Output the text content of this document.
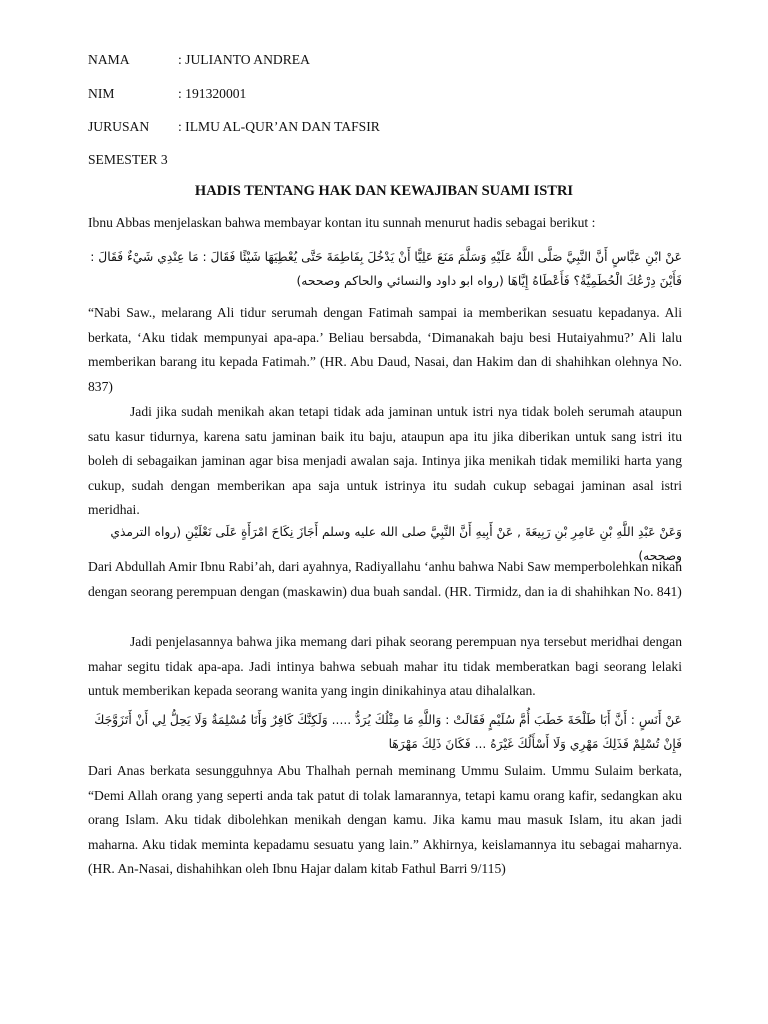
NAMA	: JULIANTO ANDREA
NIM	: 191320001
JURUSAN : ILMU AL-QUR’AN DAN TAFSIR
SEMESTER 3
HADIS TENTANG HAK DAN KEWAJIBAN SUAMI ISTRI
Ibnu Abbas menjelaskan bahwa membayar kontan itu sunnah menurut hadis sebagai berikut :
عَنْ ابْنِ عَبَّاسٍ أَنَّ النَّبِيَّ صَلَّى اللَّهُ عَلَيْهِ وَسَلَّمَ مَنَعَ عَلِيًّا أَنْ يَدْخُلَ بِفَاطِمَةَ حَتَّى يُعْطِيَهَا شَيْئًا فَقَالَ : مَا عِنْدِي شَيْءٌ فَقَالَ : فَأَيْنَ دِرْعُكَ الْحُطَمِيَّةُ؟ فَأَعْطَاهُ إِيَّاهَا (رواه ابو داود والنسائي والحاكم وصححه)
“Nabi Saw., melarang Ali tidur serumah dengan Fatimah sampai ia memberikan sesuatu kepadanya. Ali berkata, ‘Aku tidak mempunyai apa-apa.’ Beliau bersabda, ‘Dimanakah baju besi Hutaiyahmu?’ Ali lalu memberikan barang itu kepada Fatimah.” (HR. Abu Daud, Nasai, dan Hakim dan di shahihkan olehnya No. 837)
Jadi jika sudah menikah akan tetapi tidak ada jaminan untuk istri nya tidak boleh serumah ataupun satu kasur tidurnya, karena satu jaminan baik itu baju, ataupun apa itu jika diberikan untuk sang istri itu boleh di sebagaikan jaminan agar bisa menjadi awalan saja. Intinya jika menikah tidak memiliki harta yang cukup, sudah dengan memberikan apa saja untuk istrinya itu sudah cukup sebagai jaminan asal istri meridhai.
وَعَنْ عَبْدِ اللَّهِ بْنِ عَامِرِ بْنِ رَبِيعَةَ , عَنْ أَبِيهِ أَنَّ النَّبِيَّ صلى الله عليه وسلم أَجَازَ نِكَاحَ امْرَأَةٍ عَلَى نَعْلَيْنِ (رواه الترمذي وصححه)
Dari Abdullah Amir Ibnu Rabi’ah, dari ayahnya, Radiyallahu ‘anhu bahwa Nabi Saw memperbolehkan nikah dengan seorang perempuan dengan (maskawin) dua buah sandal. (HR. Tirmidz, dan ia di shahihkan No. 841)
Jadi penjelasannya bahwa jika memang dari pihak seorang perempuan nya tersebut meridhai dengan mahar segitu tidak apa-apa. Jadi intinya bahwa sebuah mahar itu tidak memberatkan bagi seorang lelaki untuk memberikan kepada seorang wanita yang ingin dinikahinya atau dihalalkan.
عَنْ أَنَسٍ : أَنَّ أَبَا طَلْحَةَ خَطَبَ أُمَّ سُلَيْمٍ فَقَالَتْ : وَاللَّهِ مَا مِثْلُكَ يُرَدُّ ..... وَلَكِنَّكَ كَافِرٌ وَأَنَا مُسْلِمَةٌ وَلَا يَحِلُّ لِي أَنْ أَتَزَوَّجَكَ فَإِنْ تُسْلِمْ فَذَلِكَ مَهْرِي وَلَا أَسْأَلُكَ غَيْرَهُ ... فَكَانَ ذَلِكَ مَهْرَهَا
Dari Anas berkata sesungguhnya Abu Thalhah pernah meminang Ummu Sulaim. Ummu Sulaim berkata, “Demi Allah orang yang seperti anda tak patut di tolak lamarannya, tetapi kamu orang kafir, sedangkan aku orang Islam. Aku tidak dibolehkan menikah dengan kamu. Jika kamu mau masuk Islam, itu akan jadi maharna. Aku tidak meminta kepadamu sesuatu yang lain.” Akhirnya, keislamannya itu sebagai maharnya. (HR. An-Nasai, dishahihkan oleh Ibnu Hajar dalam kitab Fathul Barri 9/115)
